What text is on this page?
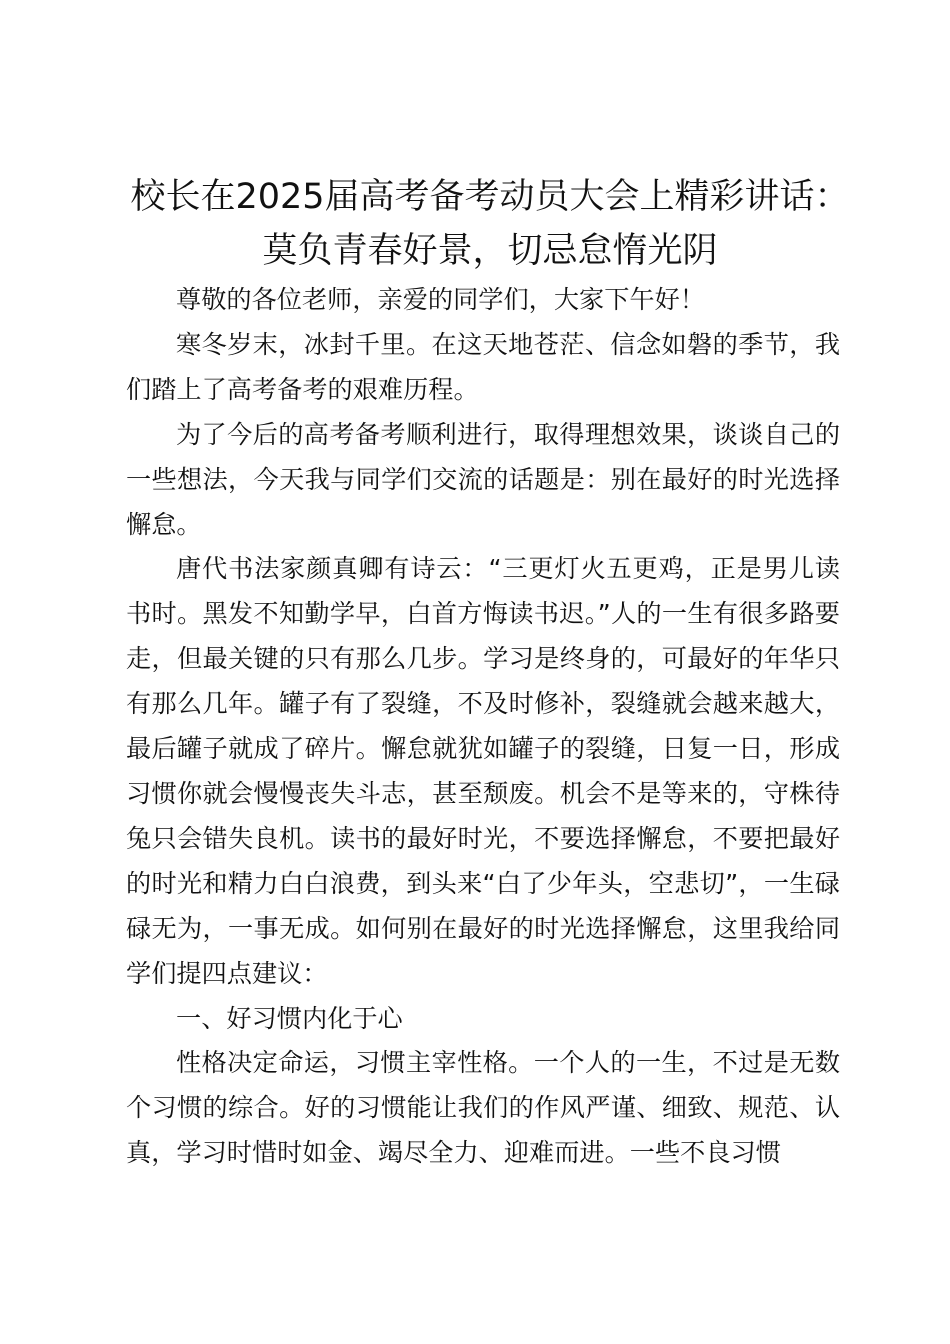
校长在2025届高考备考动员大会上精彩讲话：
莫负青春好景，切忌怠惰光阴

尊敬的各位老师，亲爱的同学们，大家下午好！

寒冬岁末，冰封千里。在这天地苍茫、信念如磐的季节，我们踏上了高考备考的艰难历程。

为了今后的高考备考顺利进行，取得理想效果，谈谈自己的一些想法，今天我与同学们交流的话题是：别在最好的时光选择懈怠。

唐代书法家颜真卿有诗云：“三更灯火五更鸡，正是男儿读书时。黑发不知勤学早，白首方悔读书迟。”人的一生有很多路要走，但最关键的只有那么几步。学习是终身的，可最好的年华只有那么几年。罐子有了裂缝，不及时修补，裂缝就会越来越大，最后罐子就成了碎片。懈怠就犹如罐子的裂缝，日复一日，形成习惯你就会慢慢丧失斗志，甚至颓废。机会不是等来的，守株待兔只会错失良机。读书的最好时光，不要选择懈怠，不要把最好的时光和精力白白浪费，到头来“白了少年头，空悲切”，一生碌碌无为，一事无成。如何别在最好的时光选择懈怠，这里我给同学们提四点建议：

一、好习惯内化于心

性格决定命运，习惯主宰性格。一个人的一生，不过是无数个习惯的综合。好的习惯能让我们的作风严谨、细致、规范、认真，学习时惜时如金、竭尽全力、迎难而进。一些不良习惯
